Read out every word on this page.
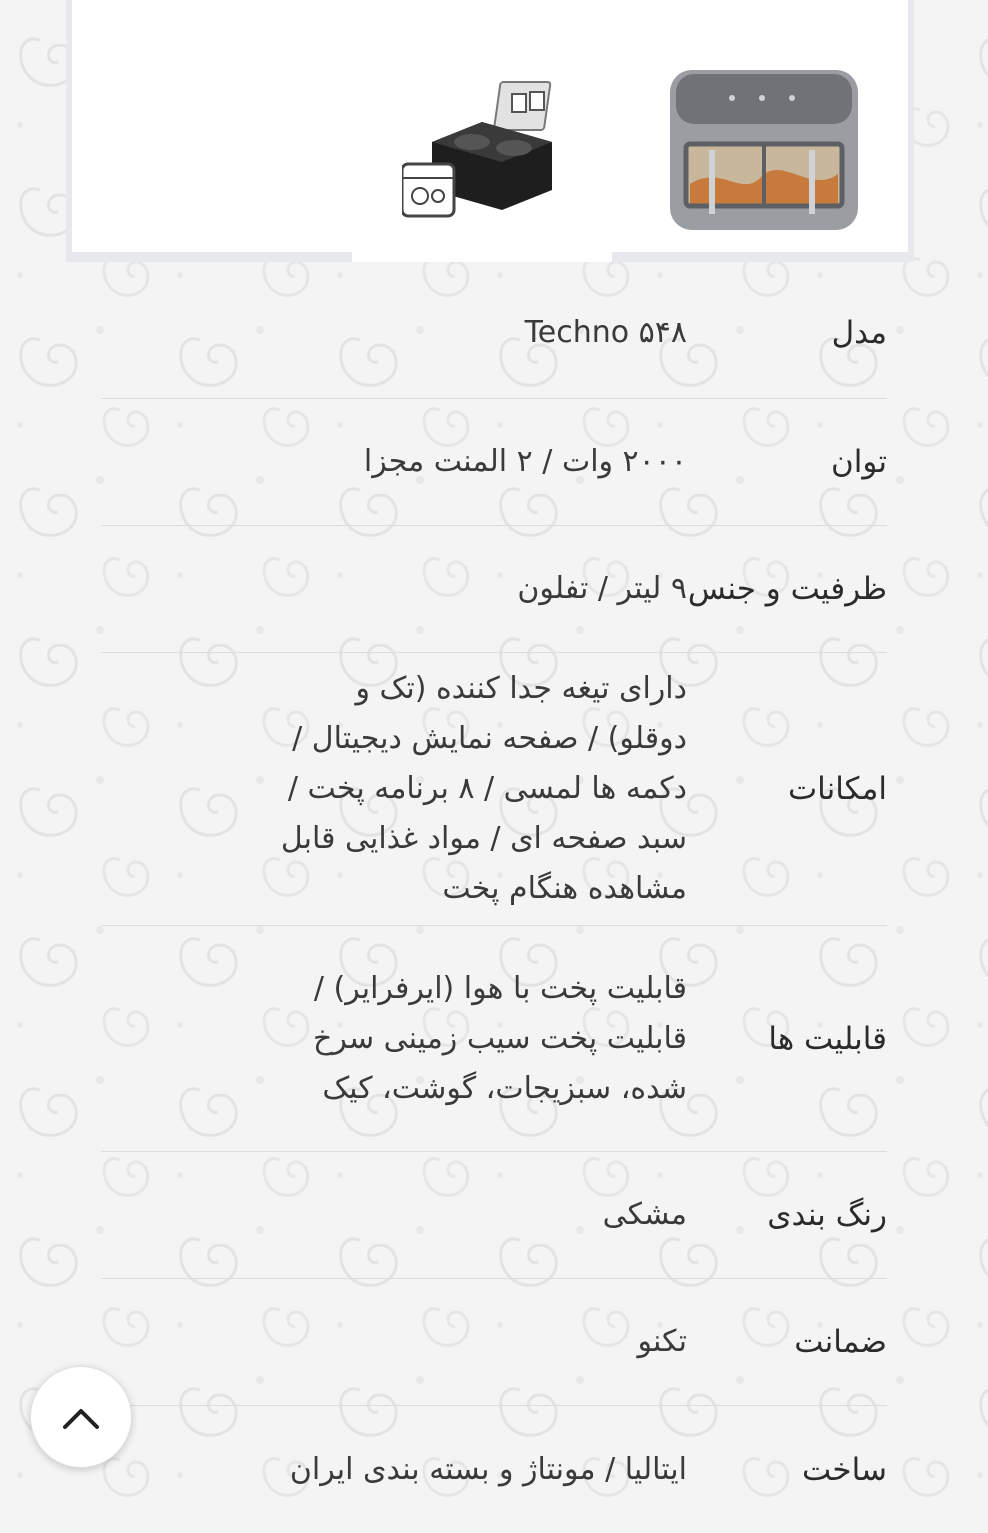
مدل
Techno ۵۴۸
توان
۲۰۰۰ وات / ۲ المنت مجزا
ظرفیت و جنس
۹ لیتر / تفلون
امکانات
دارای تیغه جدا کننده (تک و دوقلو) / صفحه نمایش دیجیتال / دکمه ها لمسی / ۸ برنامه پخت / سبد صفحه ای / مواد غذایی قابل مشاهده هنگام پخت
قابلیت ها
قابلیت پخت با هوا (ایرفرایر) / قابلیت پخت سیب زمینی سرخ شده، سبزیجات، گوشت، کیک
رنگ بندی
مشکی
ضمانت
تکنو
ساخت
ایتالیا / مونتاژ و بسته بندی ایران
